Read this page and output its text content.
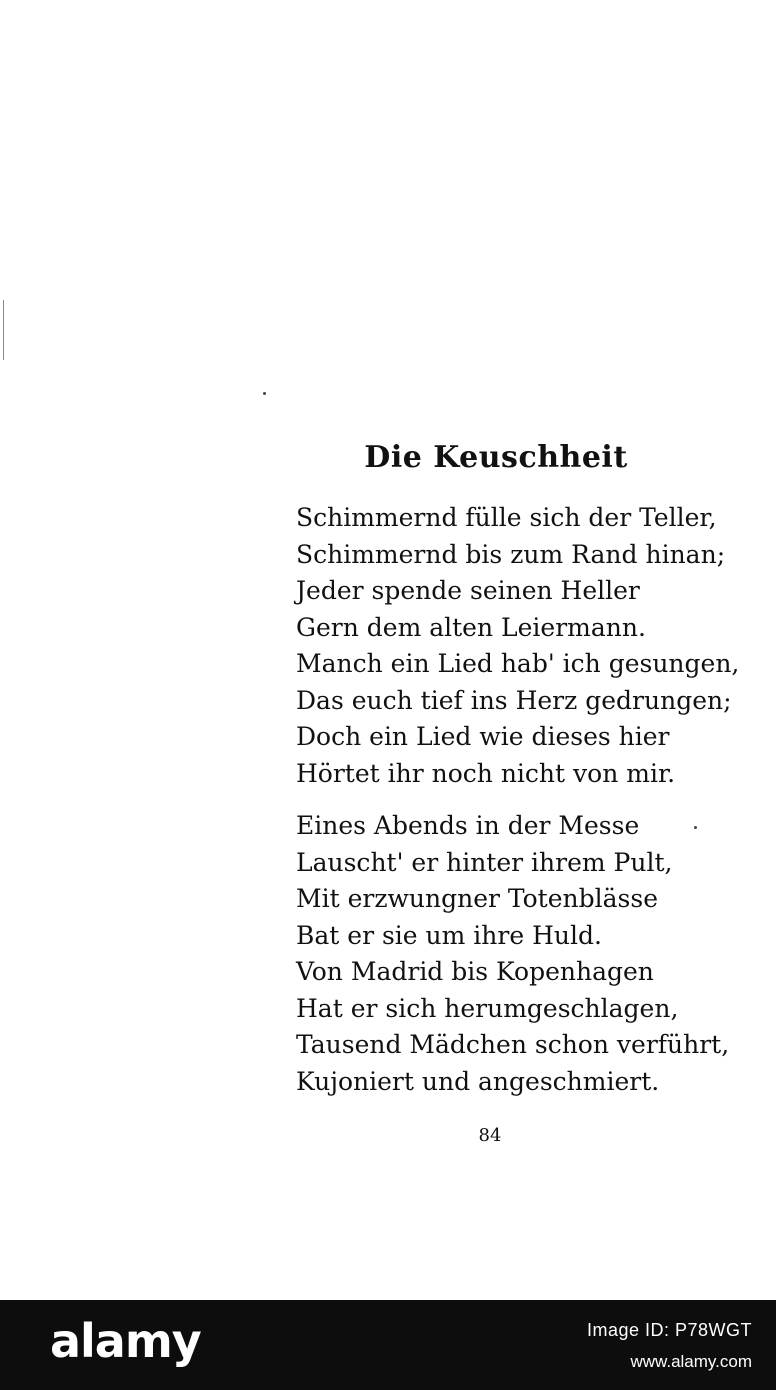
Die Keuschheit
Schimmernd fülle sich der Teller,
Schimmernd bis zum Rand hinan;
Jeder spende seinen Heller
Gern dem alten Leiermann.
Manch ein Lied hab' ich gesungen,
Das euch tief ins Herz gedrungen;
Doch ein Lied wie dieses hier
Hörtet ihr noch nicht von mir.
Eines Abends in der Messe
Lauscht' er hinter ihrem Pult,
Mit erzwungner Totenblässe
Bat er sie um ihre Huld.
Von Madrid bis Kopenhagen
Hat er sich herumgeschlagen,
Tausend Mädchen schon verführt,
Kujoniert und angeschmiert.
84
alamy	Image ID: P78WGT
www.alamy.com
